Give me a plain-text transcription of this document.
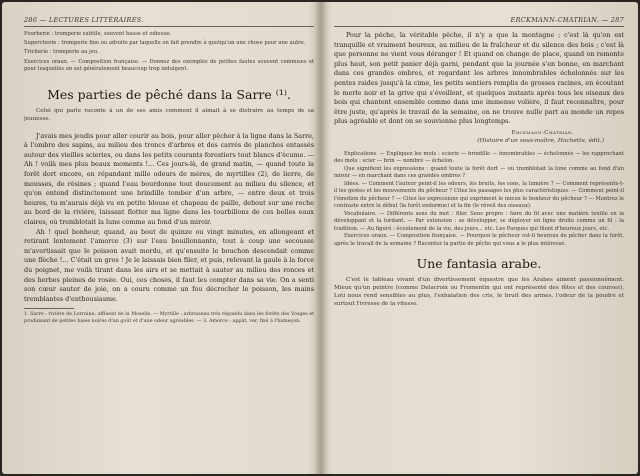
286 — LECTURES LITTÉRAIRES.

Fourberie : tromperie subtile, souvent basse et odieuse.

Supercherie : tromperie fine ou adroite par laquelle on fait prendre à quelqu'un une chose pour une autre.

Tricherie : tromperie au jeu.

Exercices oraux. — Composition française. — Donnez des exemples de petites fautes souvent commises et pour lesquelles on est généralement beaucoup trop indulgent.

Mes parties de pêché dans la Sarre ⁽¹⁾.

Celui qui parle raconte à un de ses amis comment il aimait à se distraire au temps de sa jeunesse.

J'avais mes jeudis pour aller courir au bois, pour aller pêcher à la ligne dans la Sarre, à l'ombre des sapins, au milieu des troncs d'arbres et des carrés de planches entassés autour des vieilles scieries, ou dans les petits courants forestiers tout blancs d'écume. — Ah ! voilà mes plus beaux moments !... Ces jours-là, de grand matin, — quand toute la forêt dort encore, en répandant mille odeurs de mères, de myrtilles (2), de lierre, de mousses, de résines ; quand l'eau bourdonne tout doucement au milieu du silence, et qu'on entend distinctement une brindille tomber d'un arbre, — entre deux et trois heures, tu m'aurais déjà vu en petite blouse et chapeau de paille, debout sur une roche au bord de la rivière, laissant flotter ma ligne dans les tourbillons de ces belles eaux claires, où tremblotait la lune comme au fond d'un miroir.

Ah ! quel bonheur, quand, au bout de quinze ou vingt minutes, en allongeant et retirant lentement l'amorce (3) sur l'eau bouillonnante, tout à coup une secousse m'avertissait que le poisson avait mordu, et qu'ensuite le bouchon descendait comme une flèche !... C'était un gros ! Je le laissais bien filer, et puis, relevant la gaule à la force du poignet, me voilà tirant dans les airs et se mettait à sauter au milieu des ronces et des herbes pleines de rosée. Oui, ces choses, il faut les compter dans sa vie. On a senti son cœur sauter de joie, on a couru comme un fou décrocher le poisson, les mains tremblantes d'enthousiasme.

1. Sarre : rivière de Lorraine, affluent de la Moselle. — Myrtille : arbrisseau très répandu dans les forêts des Vosges et produisant de petites baies noires d'un goût et d'une odeur agréables. — 3. Amorce : appât, ver, fixé à l'hameçon.

ERCKMANN-CHATRIAN. — 287

Pour la pêche, la véritable pêche, il n'y a que la montagne ; c'est là qu'on est tranquille et vraiment heureux, au milieu de la fraîcheur et du silence des bois ; c'est là que personne ne vient vous déranger ! Et quand on change de place, quand on remonte plus haut, son petit panier déjà garni, pendant que la journée s'en bonne, en marchant dans ces grandes ombres, et regardant les arbres innombrables échelonnés sur les pentes raides jusqu'à la cime, les petits sentiers remplis de grosses racines, en écoutant le merle noir et la grive qui s'éveillent, et quelques instants après tous les oiseaux des bois qui chantent ensemble comme dans une immense volière, il faut reconnaître, pour être juste, qu'après le travail de la semaine, on ne trouve nulle part au monde un repos plus agréable et dont on se souvienne plus longtemps.

Erckmann-Chatrian.
(Histoire d'un sous-maître, Hachette, édit.)

Explications. — Expliquez les mots : scierie — brindille — innombrables — échelonnés — les rapprochant des mots : scier — brin — nombre — échelon.

Que signifient les expressions : quand toute la forêt dort — où tremblotait la lune comme au fond d'un miroir — en marchant dans ces grandes ombres ?

Idées. — Comment l'auteur peint-il les odeurs, les bruits, les sons, la lumière ? — Comment représente-t-il les gestes et les mouvements du pêcheur ? Citez les passages les plus caractéristiques. — Comment peint-il l'émotion du pêcheur ? — Citez les expressions qui expriment le mieux le bonheur du pêcheur ? — Montrez le contraste entre le début (la forêt endormie) et la fin (le réveil des oiseaux).

Vocabulaire. — Différents sens du mot : filer. Sens propre : faire du fil avec une matière textile en la développant et la tordant. — Par extension : se développer, se déployer en ligne droite comme un fil : la tradition. — Au figuré : écoulement de la vie, des jours... etc. Les Parques qui filent d'heureux jours, etc.

Exercices oraux. — Composition française. — Pourquoi le pêcheur est-il heureux de pêcher dans la forêt, après le travail de la semaine ? Racontez la partie de pêche qui vous a le plus intéressé.

Une fantasia arabe.

C'est le tableau vivant d'un divertissement équestre que les Arabes aiment passionnément. Mieux qu'un peintre (comme Delacroix ou Fromentin qui ont représenté des fêtes et des courses), Loti nous rend sensibles au plus, l'exhalation des cris, le bruit des armes, l'odeur de la poudre et surtout l'ivresse de la vitesse.
